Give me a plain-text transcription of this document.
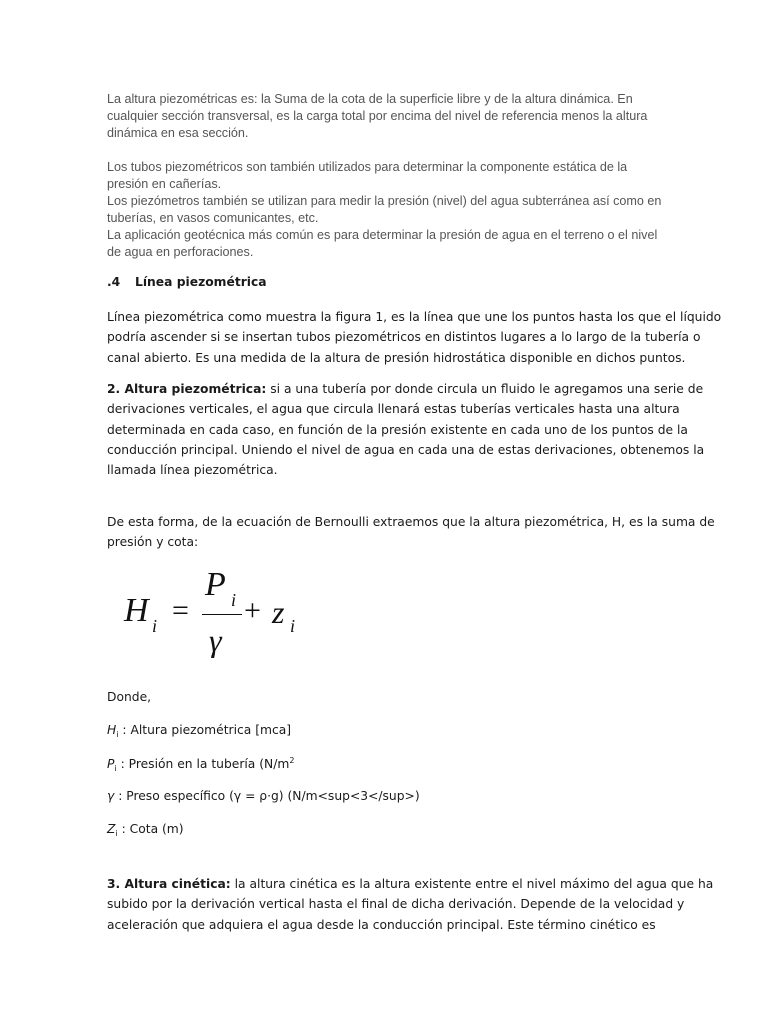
La altura piezométricas es: la Suma de la cota de la superficie libre y de la altura dinámica. En
cualquier sección transversal, es la carga total por encima del nivel de referencia menos la altura
dinámica en esa sección.
Los tubos piezométricos son también utilizados para determinar la componente estática de la
presión en cañerías.
Los piezómetros también se utilizan para medir la presión (nivel) del agua subterránea así como en
tuberías, en vasos comunicantes, etc.
La aplicación geotécnica más común es para determinar la presión de agua en el terreno o el nivel
de agua en perforaciones.
.4 Línea piezométrica
Línea piezométrica como muestra la figura 1, es la línea que une los puntos hasta los que el líquido
podría ascender si se insertan tubos piezométricos en distintos lugares a lo largo de la tubería o
canal abierto. Es una medida de la altura de presión hidrostática disponible en dichos puntos.
2. Altura piezométrica: si a una tubería por donde circula un fluido le agregamos una serie de
derivaciones verticales, el agua que circula llenará estas tuberías verticales hasta una altura
determinada en cada caso, en función de la presión existente en cada uno de los puntos de la
conducción principal. Uniendo el nivel de agua en cada una de estas derivaciones, obtenemos la
llamada línea piezométrica.
De esta forma, de la ecuación de Bernoulli extraemos que la altura piezométrica, H, es la suma de
presión y cota:
H i =
P i
γ
+ z i
Donde,
$H_i$ : Altura piezométrica [mca]
$P_i$ : Presión en la tubería ($N/m^2$
γ : Preso específico (γ = ρ·g) (N/m<sup<3</sup>)
$Z_i$ : Cota (m)
3. Altura cinética: la altura cinética es la altura existente entre el nivel máximo del agua que ha
subido por la derivación vertical hasta el final de dicha derivación. Depende de la velocidad y
aceleración que adquiera el agua desde la conducción principal. Este término cinético es
